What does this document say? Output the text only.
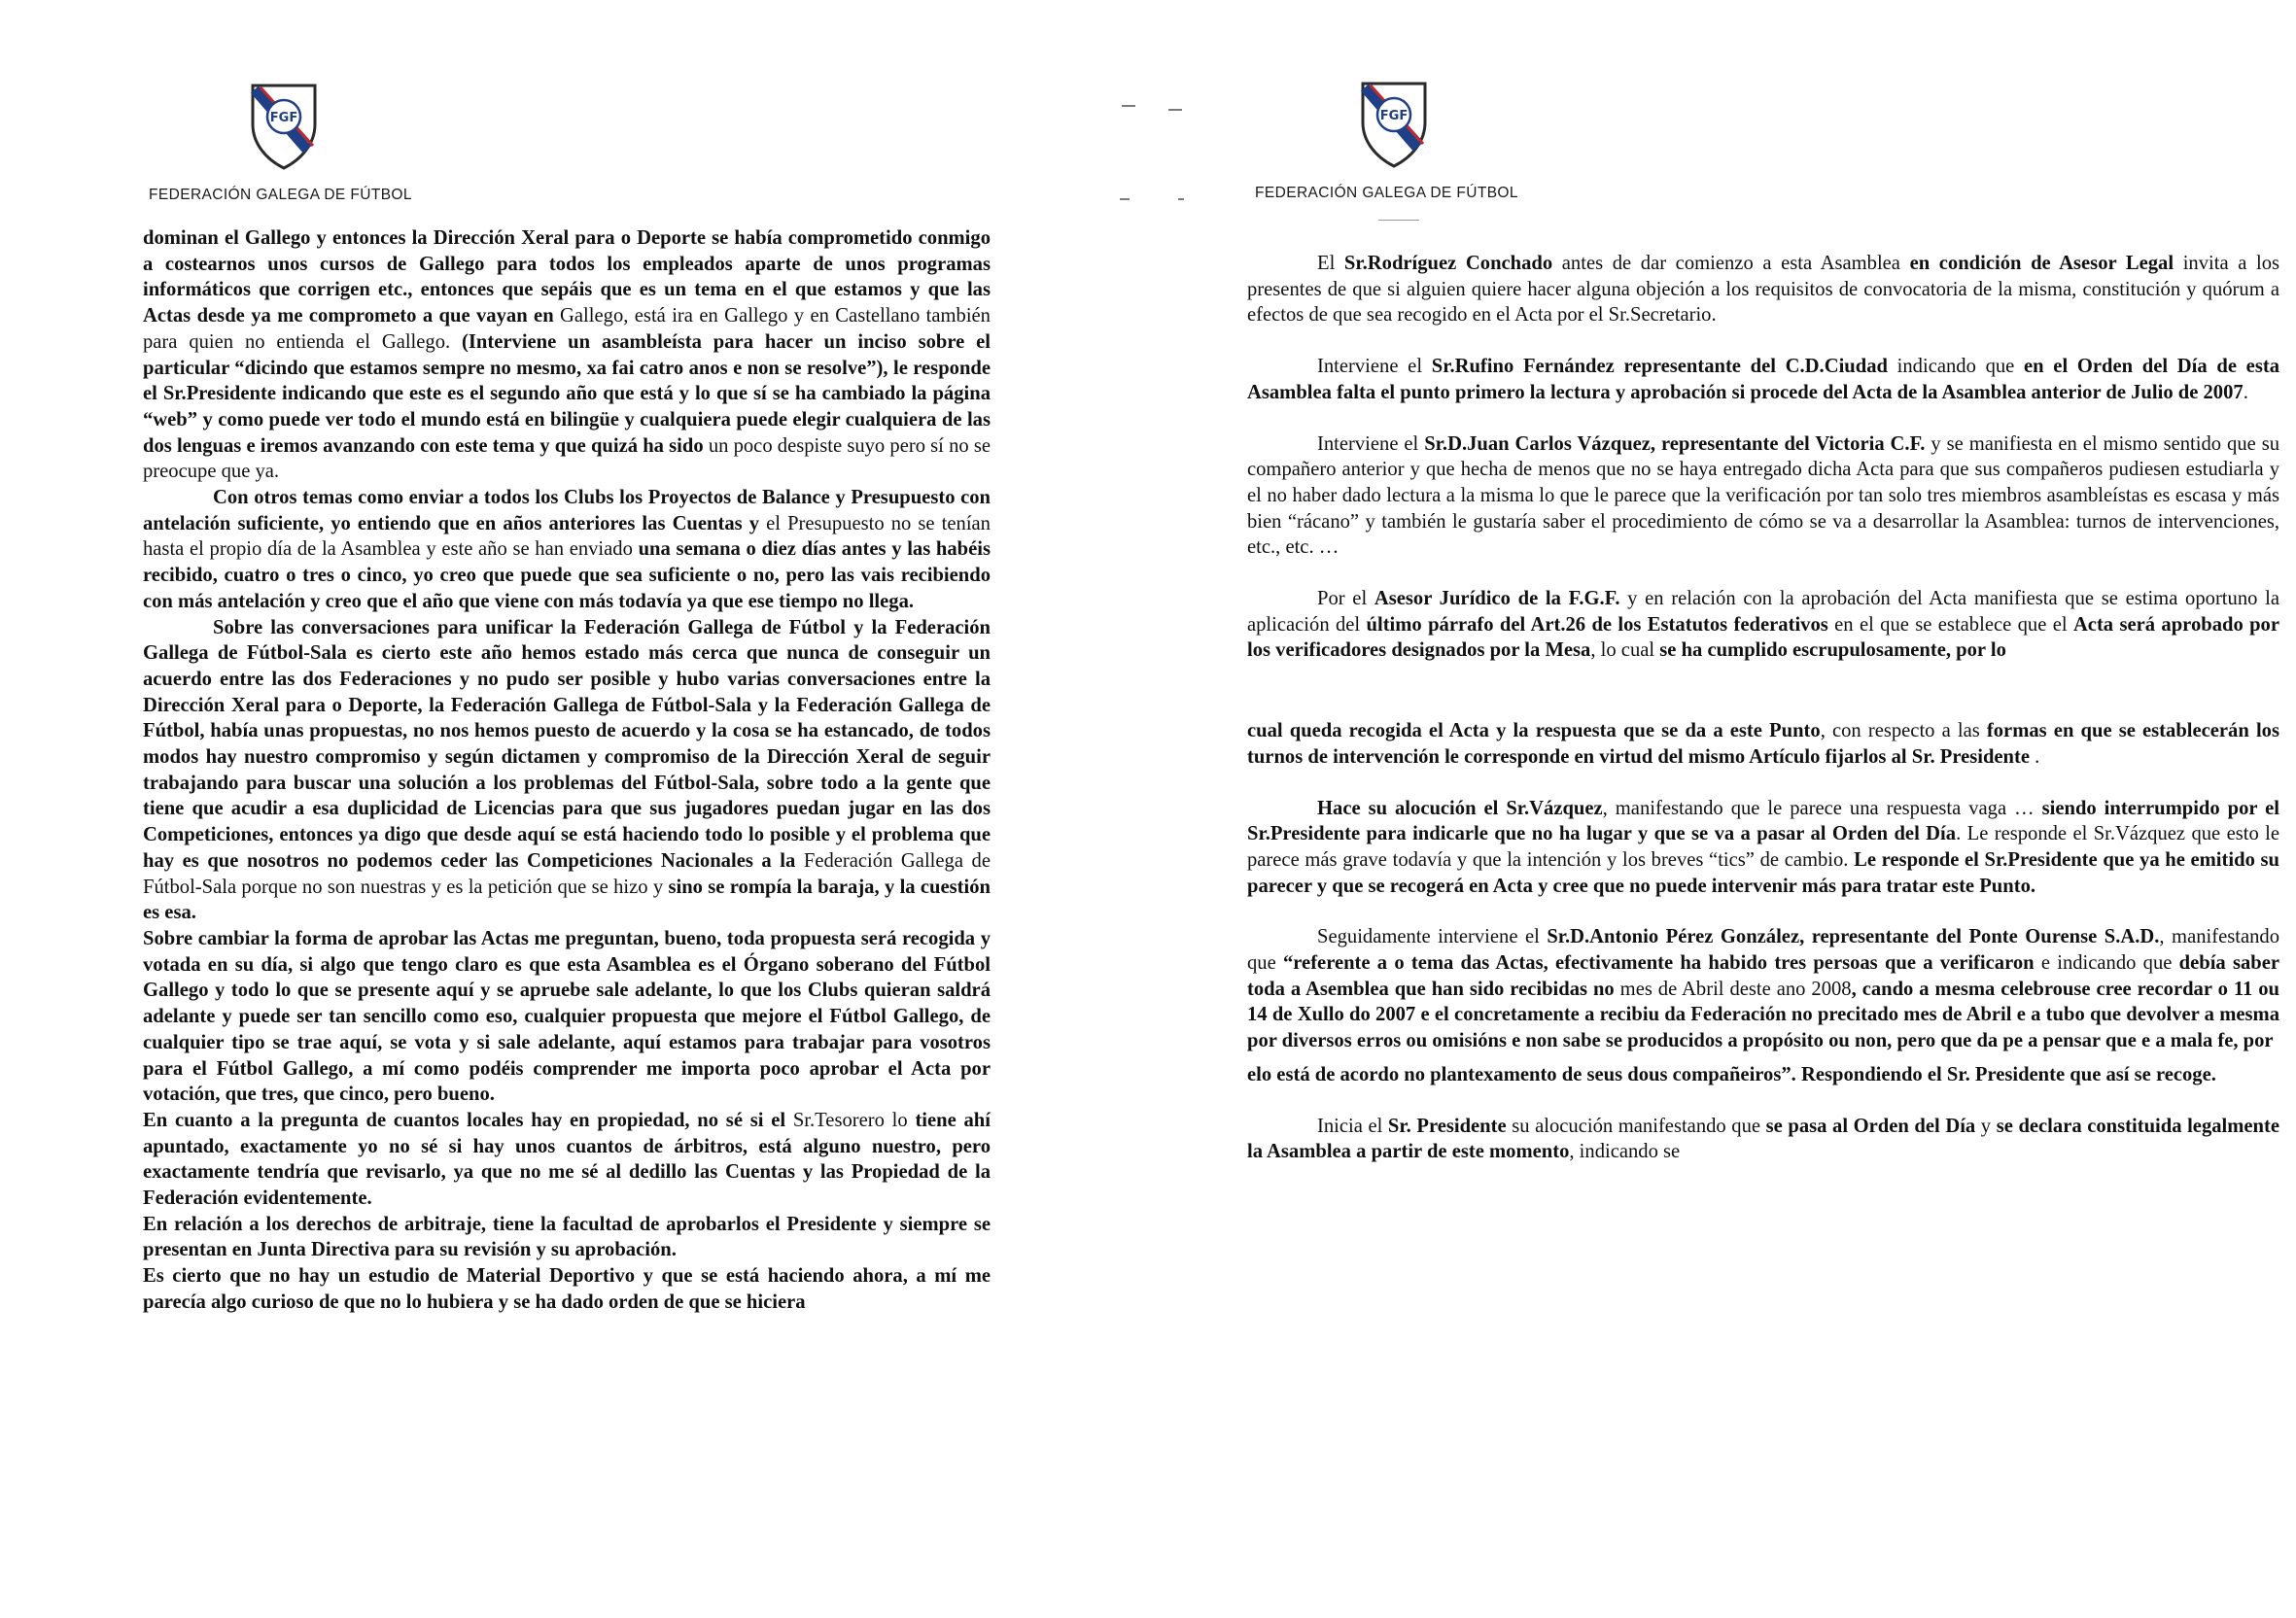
FGF
FEDERACIÓN GALEGA DE FÚTBOL

dominan el Gallego y entonces la Dirección Xeral para o Deporte se había comprometido conmigo a costearnos unos cursos de Gallego para todos los empleados aparte de unos programas informáticos que corrigen etc., entonces que sepáis que es un tema en el que estamos y que las Actas desde ya me comprometo a que vayan en Gallego, está ira en Gallego y en Castellano también para quien no entienda el Gallego. (Interviene un asambleísta para hacer un inciso sobre el particular “dicindo que estamos sempre no mesmo, xa fai catro anos e non se resolve”), le responde el Sr.Presidente indicando que este es el segundo año que está y lo que sí se ha cambiado la página “web” y como puede ver todo el mundo está en bilingüe y cualquiera puede elegir cualquiera de las dos lenguas e iremos avanzando con este tema y que quizá ha sido un poco despiste suyo pero sí no se preocupe que ya.

Con otros temas como enviar a todos los Clubs los Proyectos de Balance y Presupuesto con antelación suficiente, yo entiendo que en años anteriores las Cuentas y el Presupuesto no se tenían hasta el propio día de la Asamblea y este año se han enviado una semana o diez días antes y las habéis recibido, cuatro o tres o cinco, yo creo que puede que sea suficiente o no, pero las vais recibiendo con más antelación y creo que el año que viene con más todavía ya que ese tiempo no llega.

Sobre las conversaciones para unificar la Federación Gallega de Fútbol y la Federación Gallega de Fútbol-Sala es cierto este año hemos estado más cerca que nunca de conseguir un acuerdo entre las dos Federaciones y no pudo ser posible y hubo varias conversaciones entre la Dirección Xeral para o Deporte, la Federación Gallega de Fútbol-Sala y la Federación Gallega de Fútbol, había unas propuestas, no nos hemos puesto de acuerdo y la cosa se ha estancado, de todos modos hay nuestro compromiso y según dictamen y compromiso de la Dirección Xeral de seguir trabajando para buscar una solución a los problemas del Fútbol-Sala, sobre todo a la gente que tiene que acudir a esa duplicidad de Licencias para que sus jugadores puedan jugar en las dos Competiciones, entonces ya digo que desde aquí se está haciendo todo lo posible y el problema que hay es que nosotros no podemos ceder las Competiciones Nacionales a la Federación Gallega de Fútbol-Sala porque no son nuestras y es la petición que se hizo y sino se rompía la baraja, y la cuestión es esa.

Sobre cambiar la forma de aprobar las Actas me preguntan, bueno, toda propuesta será recogida y votada en su día, si algo que tengo claro es que esta Asamblea es el Órgano soberano del Fútbol Gallego y todo lo que se presente aquí y se apruebe sale adelante, lo que los Clubs quieran saldrá adelante y puede ser tan sencillo como eso, cualquier propuesta que mejore el Fútbol Gallego, de cualquier tipo se trae aquí, se vota y si sale adelante, aquí estamos para trabajar para vosotros para el Fútbol Gallego, a mí como podéis comprender me importa poco aprobar el Acta por votación, que tres, que cinco, pero bueno.

En cuanto a la pregunta de cuantos locales hay en propiedad, no sé si el Sr.Tesorero lo tiene ahí apuntado, exactamente yo no sé si hay unos cuantos de árbitros, está alguno nuestro, pero exactamente tendría que revisarlo, ya que no me sé al dedillo las Cuentas y las Propiedad de la Federación evidentemente.

En relación a los derechos de arbitraje, tiene la facultad de aprobarlos el Presidente y siempre se presentan en Junta Directiva para su revisión y su aprobación.

Es cierto que no hay un estudio de Material Deportivo y que se está haciendo ahora, a mí me parecía algo curioso de que no lo hubiera y se ha dado orden de que se hiciera

FGF
FEDERACIÓN GALEGA DE FÚTBOL

El Sr.Rodríguez Conchado antes de dar comienzo a esta Asamblea en condición de Asesor Legal invita a los presentes de que si alguien quiere hacer alguna objeción a los requisitos de convocatoria de la misma, constitución y quórum a efectos de que sea recogido en el Acta por el Sr.Secretario.

Interviene el Sr.Rufino Fernández representante del C.D.Ciudad indicando que en el Orden del Día de esta Asamblea falta el punto primero la lectura y aprobación si procede del Acta de la Asamblea anterior de Julio de 2007.

Interviene el Sr.D.Juan Carlos Vázquez, representante del Victoria C.F. y se manifiesta en el mismo sentido que su compañero anterior y que hecha de menos que no se haya entregado dicha Acta para que sus compañeros pudiesen estudiarla y el no haber dado lectura a la misma lo que le parece que la verificación por tan solo tres miembros asambleístas es escasa y más bien “rácano” y también le gustaría saber el procedimiento de cómo se va a desarrollar la Asamblea: turnos de intervenciones, etc., etc. …

Por el Asesor Jurídico de la F.G.F. y en relación con la aprobación del Acta manifiesta que se estima oportuno la aplicación del último párrafo del Art.26 de los Estatutos federativos en el que se establece que el Acta será aprobado por los verificadores designados por la Mesa, lo cual se ha cumplido escrupulosamente, por lo

cual queda recogida el Acta y la respuesta que se da a este Punto, con respecto a las formas en que se establecerán los turnos de intervención le corresponde en virtud del mismo Artículo fijarlos al Sr. Presidente .

Hace su alocución el Sr.Vázquez, manifestando que le parece una respuesta vaga … siendo interrumpido por el Sr.Presidente para indicarle que no ha lugar y que se va a pasar al Orden del Día. Le responde el Sr.Vázquez que esto le parece más grave todavía y que la intención y los breves “tics” de cambio. Le responde el Sr.Presidente que ya he emitido su parecer y que se recogerá en Acta y cree que no puede intervenir más para tratar este Punto.

Seguidamente interviene el Sr.D.Antonio Pérez González, representante del Ponte Ourense S.A.D., manifestando que “referente a o tema das Actas, efectivamente ha habido tres persoas que a verificaron e indicando que debía saber toda a Asemblea que han sido recibidas no mes de Abril deste ano 2008, cando a mesma celebrouse cree recordar o 11 ou 14 de Xullo do 2007 e el concretamente a recibiu da Federación no precitado mes de Abril e a tubo que devolver a mesma por diversos erros ou omisións e non sabe se producidos a propósito ou non, pero que da pe a pensar que e a mala fe, por

elo está de acordo no plantexamento de seus dous compañeiros”. Respondiendo el Sr. Presidente que así se recoge.

Inicia el Sr. Presidente su alocución manifestando que se pasa al Orden del Día y se declara constituida legalmente la Asamblea a partir de este momento, indicando se
